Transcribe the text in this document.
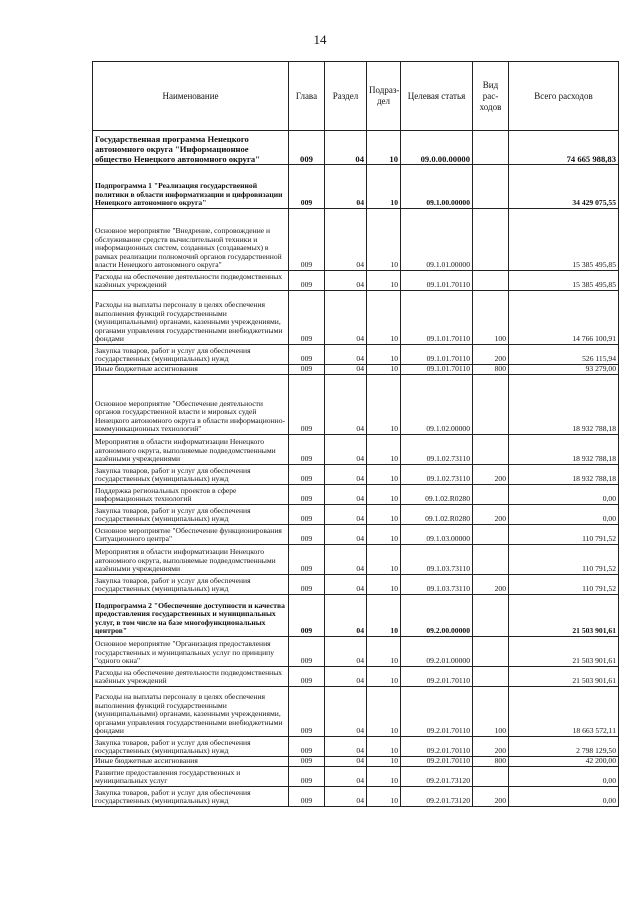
14
Наименование	Глава	Раздел	Подраз-дел	Целевая статья	Вид рас-ходов	Всего расходов
Государственная программа Ненецкого автономного округа "Информационное общество Ненецкого автономного округа"	009	04	10	09.0.00.00000		74 665 988,83
Подпрограмма 1 "Реализация государственной политики в области информатизации и цифровизации Ненецкого автономного округа"	009	04	10	09.1.00.00000		34 429 075,55
Основное мероприятие "Внедрение, сопровождение и обслуживание средств вычислительной техники и информационных систем, созданных (создаваемых) в рамках реализации полномочий органов государственной власти Ненецкого автономного округа"	009	04	10	09.1.01.00000		15 385 495,85
Расходы на обеспечение деятельности подведомственных казённых учреждений	009	04	10	09.1.01.70110		15 385 495,85
Расходы на выплаты персоналу в целях обеспечения выполнения функций государственными (муниципальными) органами, казенными учреждениями, органами управления государственными внебюджетными фондами	009	04	10	09.1.01.70110	100	14 766 100,91
Закупка товаров, работ и услуг для обеспечения государственных (муниципальных) нужд	009	04	10	09.1.01.70110	200	526 115,94
Иные бюджетные ассигнования	009	04	10	09.1.01.70110	800	93 279,00
Основное мероприятие "Обеспечение деятельности органов государственной власти и мировых судей Ненецкого автономного округа в области информационно-коммуникационных технологий"	009	04	10	09.1.02.00000		18 932 788,18
Мероприятия в области информатизации Ненецкого автономного округа, выполняемые подведомственными казёнными учреждениями	009	04	10	09.1.02.73110		18 932 788,18
Закупка товаров, работ и услуг для обеспечения государственных (муниципальных) нужд	009	04	10	09.1.02.73110	200	18 932 788,18
Поддержка региональных проектов в сфере информационных технологий	009	04	10	09.1.02.R0280		0,00
Закупка товаров, работ и услуг для обеспечения государственных (муниципальных) нужд	009	04	10	09.1.02.R0280	200	0,00
Основное мероприятие "Обеспечение функционирования Ситуационного центра"	009	04	10	09.1.03.00000		110 791,52
Мероприятия в области информатизации Ненецкого автономного округа, выполняемые подведомственными казёнными учреждениями	009	04	10	09.1.03.73110		110 791,52
Закупка товаров, работ и услуг для обеспечения государственных (муниципальных) нужд	009	04	10	09.1.03.73110	200	110 791,52
Подпрограмма 2 "Обеспечение доступности и качества предоставления государственных и муниципальных услуг, в том числе на базе многофункциональных центров"	009	04	10	09.2.00.00000		21 503 901,61
Основное мероприятие "Организация предоставления государственных и муниципальных услуг по принципу "одного окна"	009	04	10	09.2.01.00000		21 503 901,61
Расходы на обеспечение деятельности подведомственных казённых учреждений	009	04	10	09.2.01.70110		21 503 901,61
Расходы на выплаты персоналу в целях обеспечения выполнения функций государственными (муниципальными) органами, казенными учреждениями, органами управления государственными внебюджетными фондами	009	04	10	09.2.01.70110	100	18 663 572,11
Закупка товаров, работ и услуг для обеспечения государственных (муниципальных) нужд	009	04	10	09.2.01.70110	200	2 798 129,50
Иные бюджетные ассигнования	009	04	10	09.2.01.70110	800	42 200,00
Развитие предоставления государственных и муниципальных услуг	009	04	10	09.2.01.73120		0,00
Закупка товаров, работ и услуг для обеспечения государственных (муниципальных) нужд	009	04	10	09.2.01.73120	200	0,00
